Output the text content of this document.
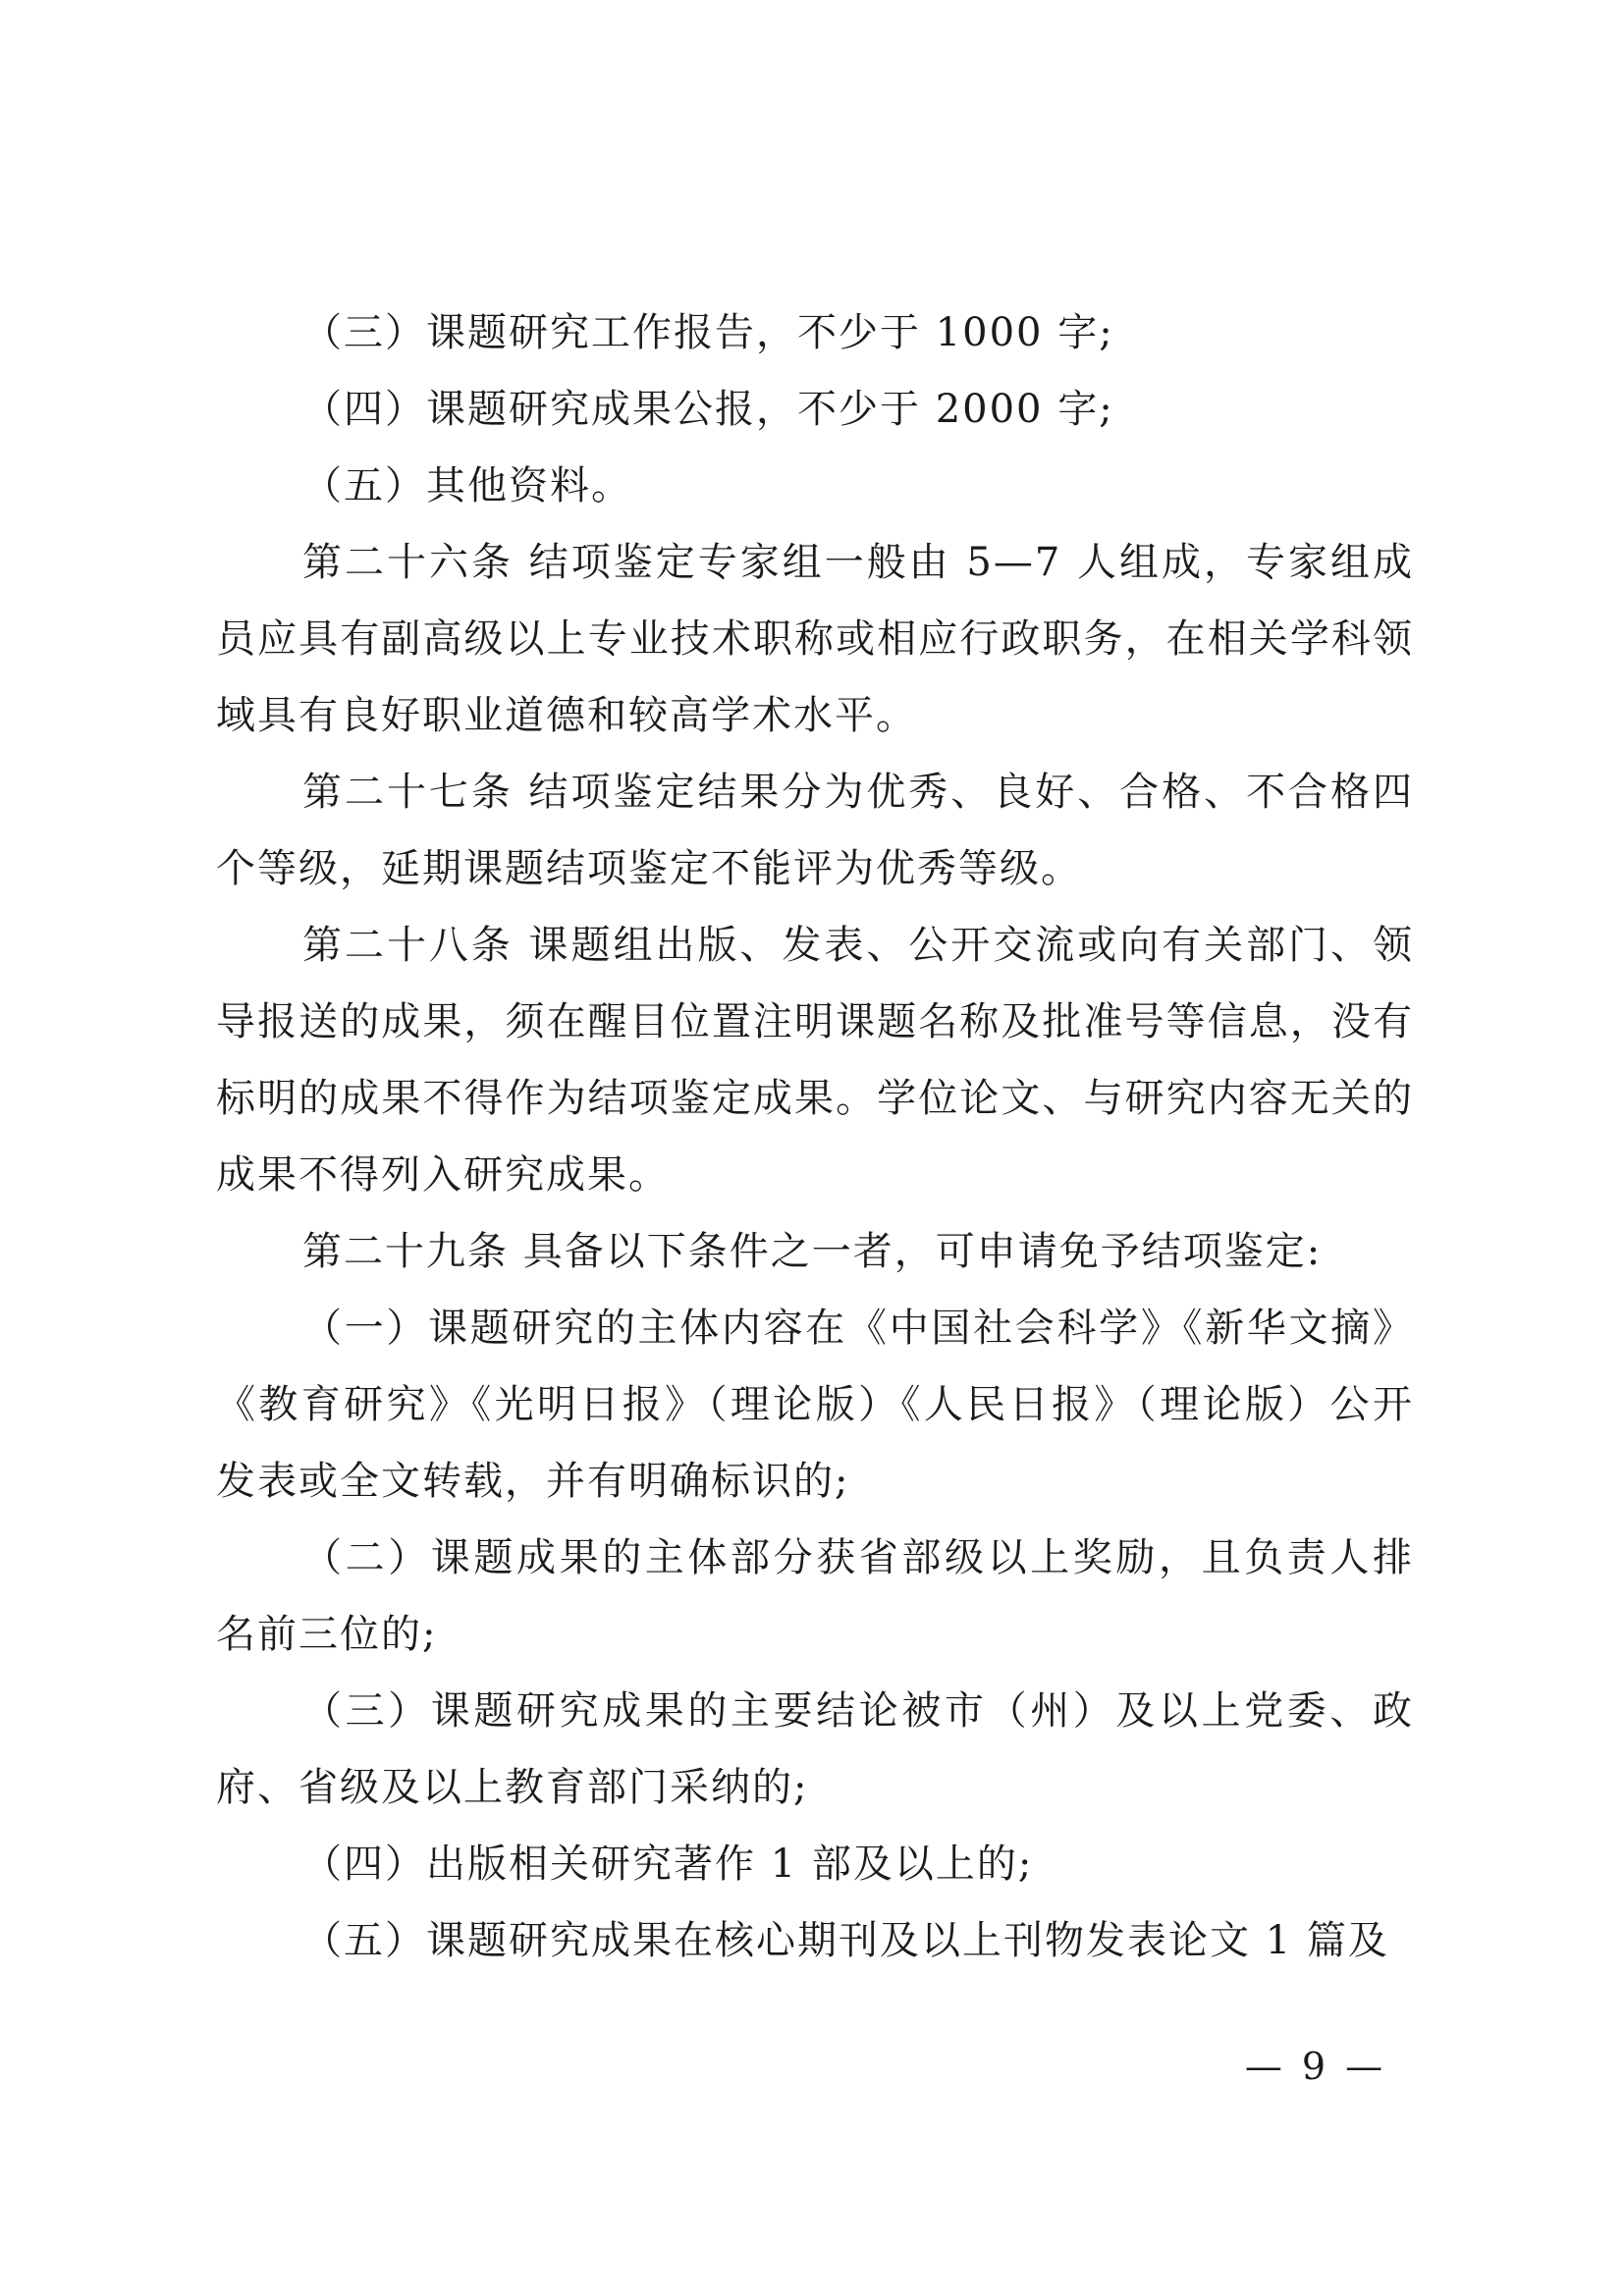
（三）课题研究工作报告，不少于 1000 字;

（四）课题研究成果公报，不少于 2000 字;

（五）其他资料。

第二十六条 结项鉴定专家组一般由 5—7 人组成，专家组成员应具有副高级以上专业技术职称或相应行政职务，在相关学科领域具有良好职业道德和较高学术水平。

第二十七条 结项鉴定结果分为优秀、良好、合格、不合格四个等级，延期课题结项鉴定不能评为优秀等级。

第二十八条 课题组出版、发表、公开交流或向有关部门、领导报送的成果，须在醒目位置注明课题名称及批准号等信息，没有标明的成果不得作为结项鉴定成果。学位论文、与研究内容无关的成果不得列入研究成果。

第二十九条 具备以下条件之一者，可申请免予结项鉴定:

（一）课题研究的主体内容在《中国社会科学》《新华文摘》《教育研究》《光明日报》（理论版）《人民日报》（理论版）公开发表或全文转载，并有明确标识的;

（二）课题成果的主体部分获省部级以上奖励，且负责人排名前三位的;

（三）课题研究成果的主要结论被市（州）及以上党委、政府、省级及以上教育部门采纳的;

（四）出版相关研究著作 1 部及以上的;

（五）课题研究成果在核心期刊及以上刊物发表论文 1 篇及

— 9 —
